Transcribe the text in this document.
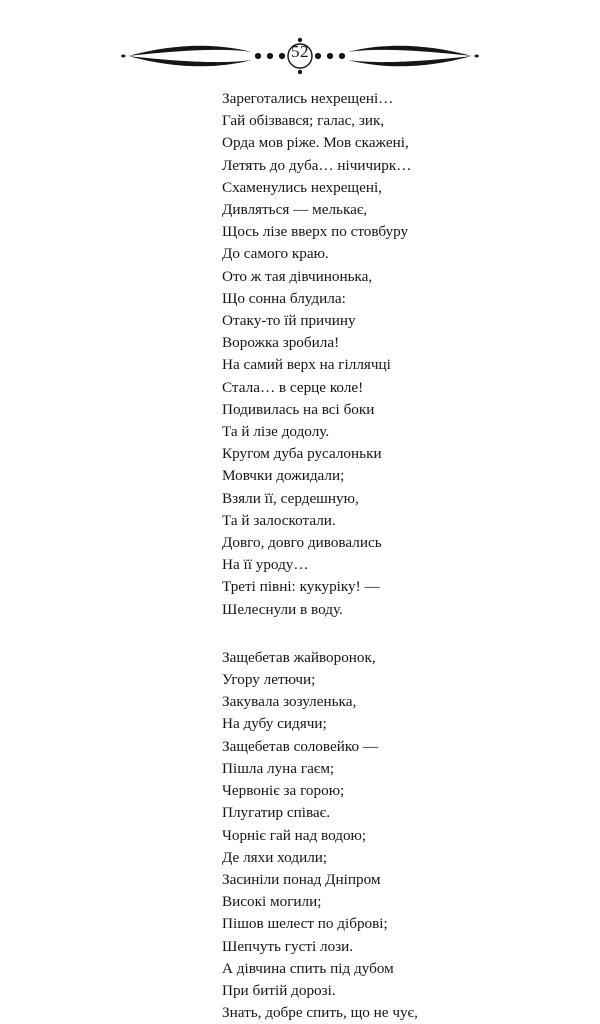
52
Зареготались нехрещені…
Гай обізвався; галас, зик,
Орда мов ріже. Мов скажені,
Летять до дуба… нічичирк…
Схаменулись нехрещені,
Дивляться — мелькає,
Щось лізе вверх по стовбуру
До самого краю.
Ото ж тая дівчинонька,
Що сонна блудила:
Отаку-то їй причину
Ворожка зробила!
На самий верх на гіллячці
Стала… в серце коле!
Подивилась на всі боки
Та й лізе додолу.
Кругом дуба русалоньки
Мовчки дожидали;
Взяли її, сердешную,
Та й залоскотали.
Довго, довго дивовались
На її уроду…
Треті півні: кукуріку! —
Шелеснули в воду.
Защебетав жайворонок,
Угору летючи;
Закувала зозуленька,
На дубу сидячи;
Защебетав соловейко —
Пішла луна гаєм;
Червоніє за горою;
Плугатир співає.
Чорніє гай над водою;
Де ляхи ходили;
Засиніли понад Дніпром
Високі могили;
Пішов шелест по діброві;
Шепчуть густі лози.
А дівчина спить під дубом
При битій дорозі.
Знать, добре спить, що не чує,
